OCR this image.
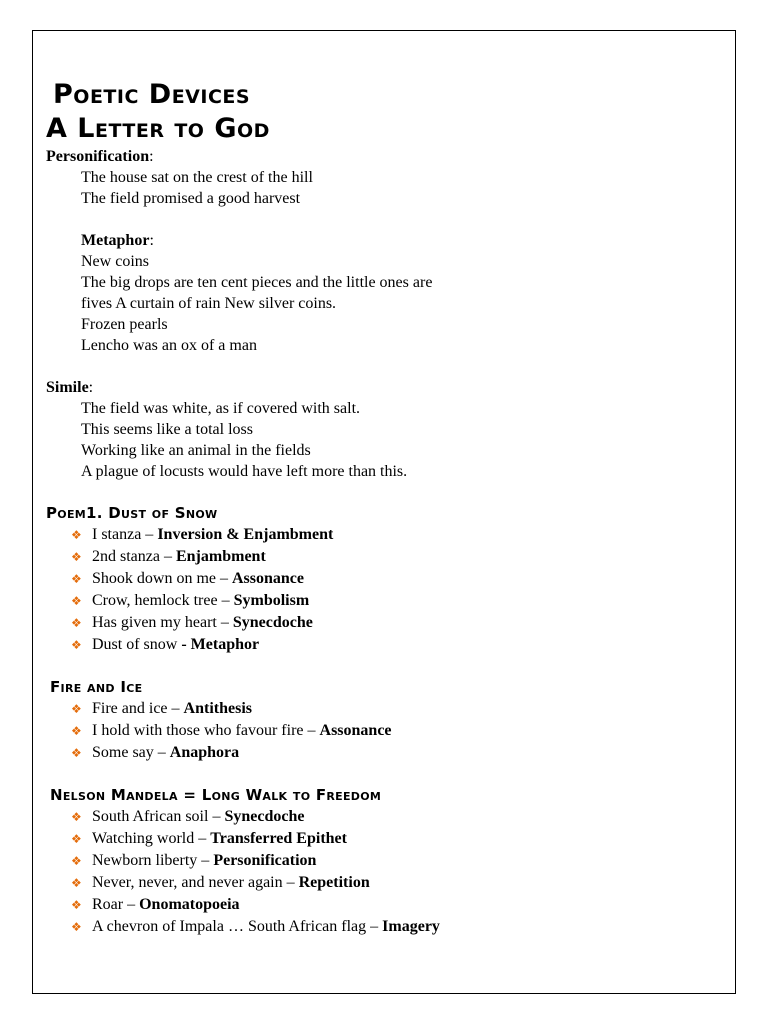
Poetic Devices
A Letter to God

Personification:

The house sat on the crest of the hill

The field promised a good harvest

Metaphor:

New coins

The big drops are ten cent pieces and the little ones are

fives A curtain of rain New silver coins.

Frozen pearls

Lencho was an ox of a man

Simile:

The field was white, as if covered with salt.

This seems like a total loss

Working like an animal in the fields

A plague of locusts would have left more than this.

Poem1. Dust of Snow
❖ I stanza – Inversion & Enjambment
❖ 2nd stanza – Enjambment
❖ Shook down on me – Assonance
❖ Crow, hemlock tree – Symbolism
❖ Has given my heart – Synecdoche
❖ Dust of snow - Metaphor
Fire and Ice
❖ Fire and ice – Antithesis
❖ I hold with those who favour fire – Assonance
❖ Some say – Anaphora
Nelson Mandela = Long Walk to Freedom
❖ South African soil – Synecdoche
❖ Watching world – Transferred Epithet
❖ Newborn liberty – Personification
❖ Never, never, and never again – Repetition
❖ Roar – Onomatopoeia
❖ A chevron of Impala … South African flag – Imagery
